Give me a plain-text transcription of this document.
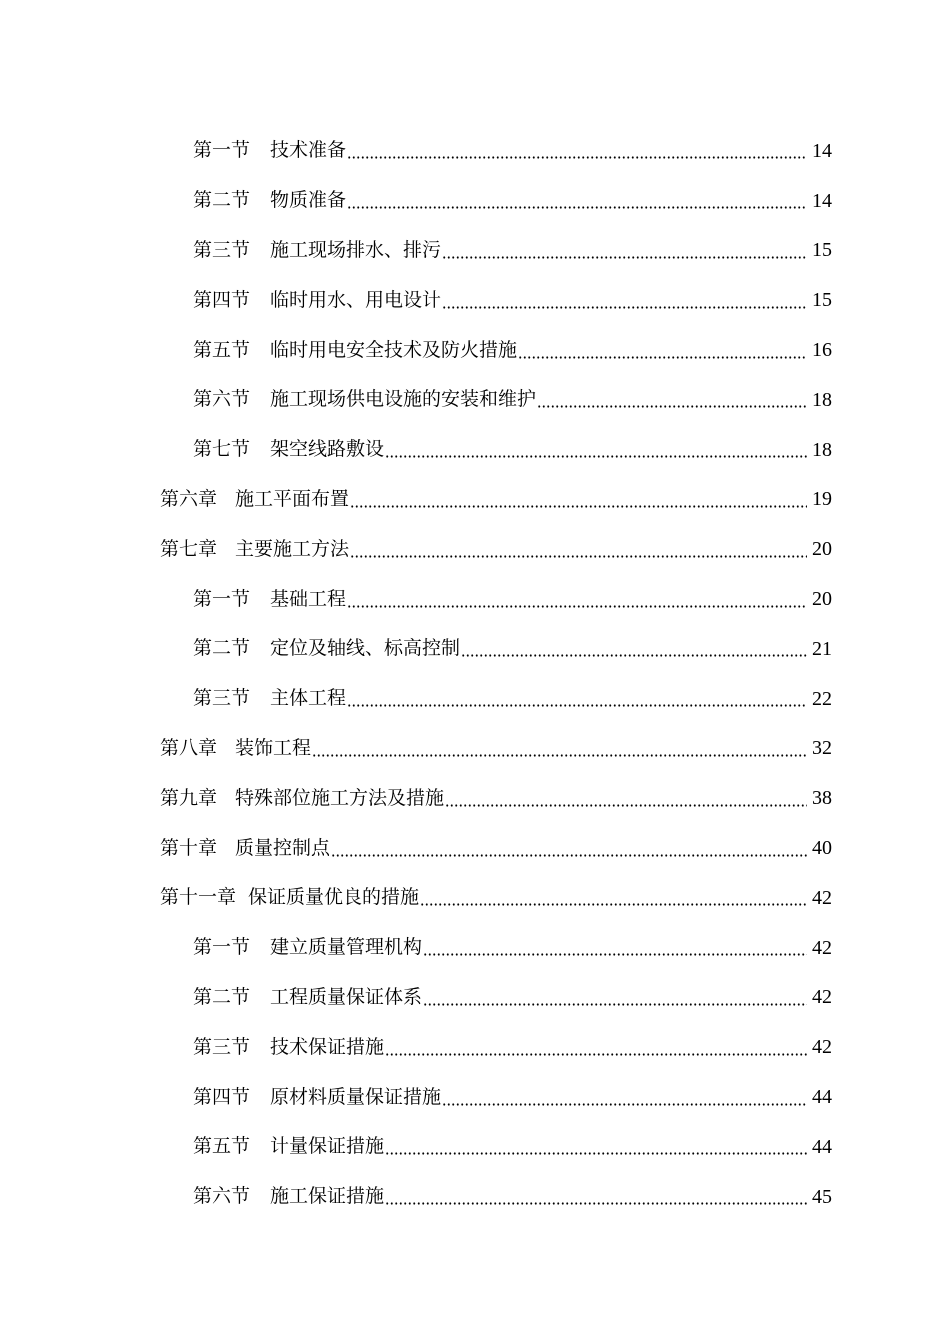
第一节 技术准备	14
第二节 物质准备	14
第三节 施工现场排水、排污	15
第四节 临时用水、用电设计	15
第五节 临时用电安全技术及防火措施	16
第六节 施工现场供电设施的安装和维护	18
第七节 架空线路敷设	18
第六章 施工平面布置	19
第七章 主要施工方法	20
第一节 基础工程	20
第二节 定位及轴线、标高控制	21
第三节 主体工程	22
第八章 装饰工程	32
第九章 特殊部位施工方法及措施	38
第十章 质量控制点	40
第十一章 保证质量优良的措施	42
第一节 建立质量管理机构	42
第二节 工程质量保证体系	42
第三节 技术保证措施	42
第四节 原材料质量保证措施	44
第五节 计量保证措施	44
第六节 施工保证措施	45
